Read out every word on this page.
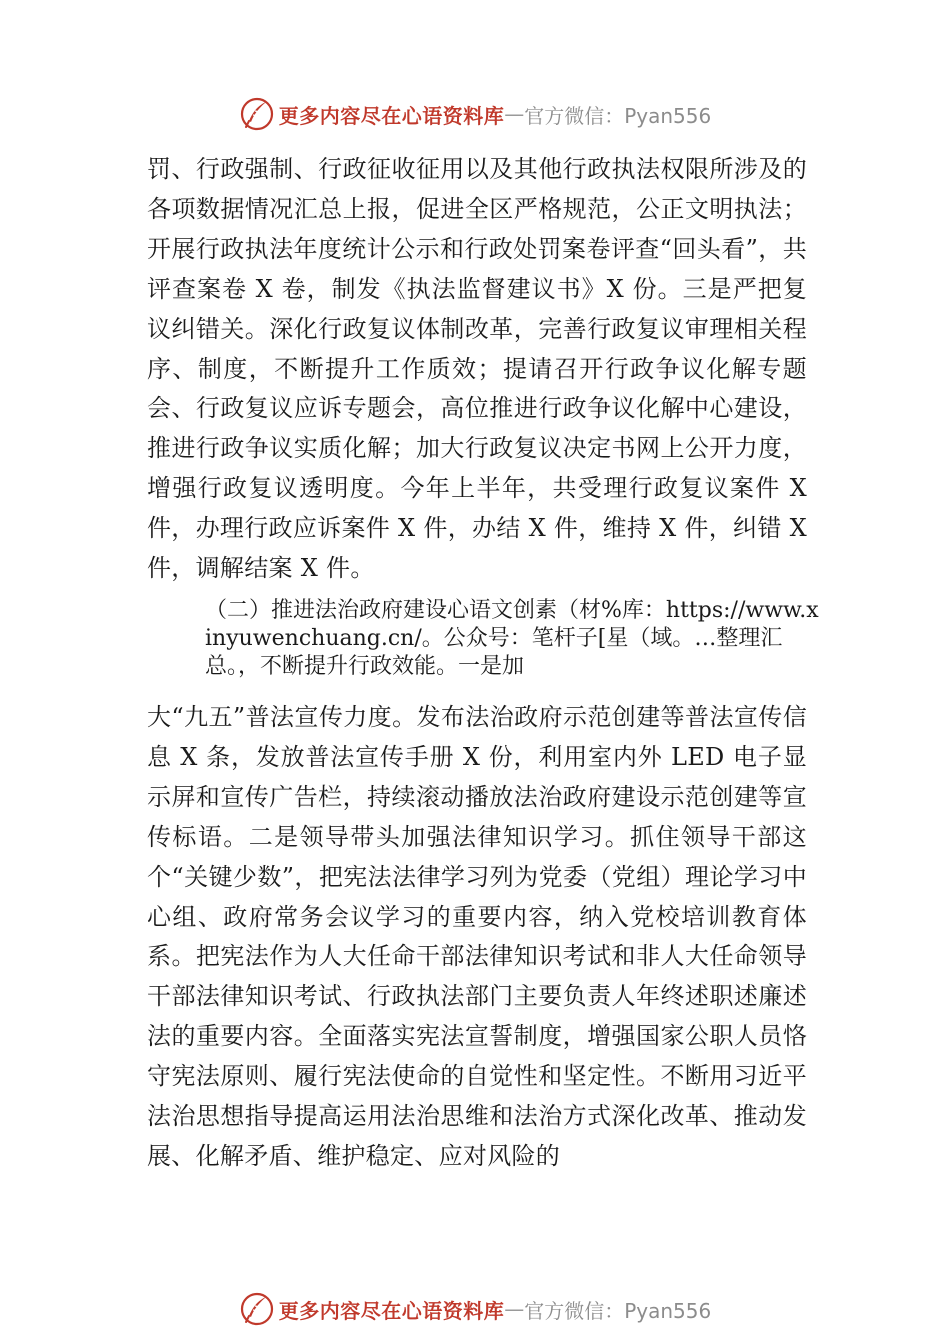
更多内容尽在心语资料库 — 官方微信：Pyan556
罚、行政强制、行政征收征用以及其他行政执法权限所涉及的各项数据情况汇总上报，促进全区严格规范，公正文明执法；开展行政执法年度统计公示和行政处罚案卷评查“回头看”，共评查案卷 X 卷，制发《执法监督建议书》X 份。三是严把复议纠错关。深化行政复议体制改革，完善行政复议审理相关程序、制度，不断提升工作质效；提请召开行政争议化解专题会、行政复议应诉专题会，高位推进行政争议化解中心建设，推进行政争议实质化解；加大行政复议决定书网上公开力度，增强行政复议透明度。今年上半年，共受理行政复议案件 X 件，办理行政应诉案件 X 件，办结 X 件，维持 X 件，纠错 X 件，调解结案 X 件。
（二）推进法治政府建设心语文创素（材%库：https://www.xinyuwenchuang.cn/。公众号：笔杆子[星（域。…整理汇总。，不断提升行政效能。一是加
大“九五”普法宣传力度。发布法治政府示范创建等普法宣传信息 X 条，发放普法宣传手册 X 份，利用室内外 LED 电子显示屏和宣传广告栏，持续滚动播放法治政府建设示范创建等宣传标语。二是领导带头加强法律知识学习。抓住领导干部这个“关键少数”，把宪法法律学习列为党委（党组）理论学习中心组、政府常务会议学习的重要内容，纳入党校培训教育体系。把宪法作为人大任命干部法律知识考试和非人大任命领导干部法律知识考试、行政执法部门主要负责人年终述职述廉述法的重要内容。全面落实宪法宣誓制度，增强国家公职人员恪守宪法原则、履行宪法使命的自觉性和坚定性。不断用习近平法治思想指导提高运用法治思维和法治方式深化改革、推动发展、化解矛盾、维护稳定、应对风险的
更多内容尽在心语资料库 — 官方微信：Pyan556
